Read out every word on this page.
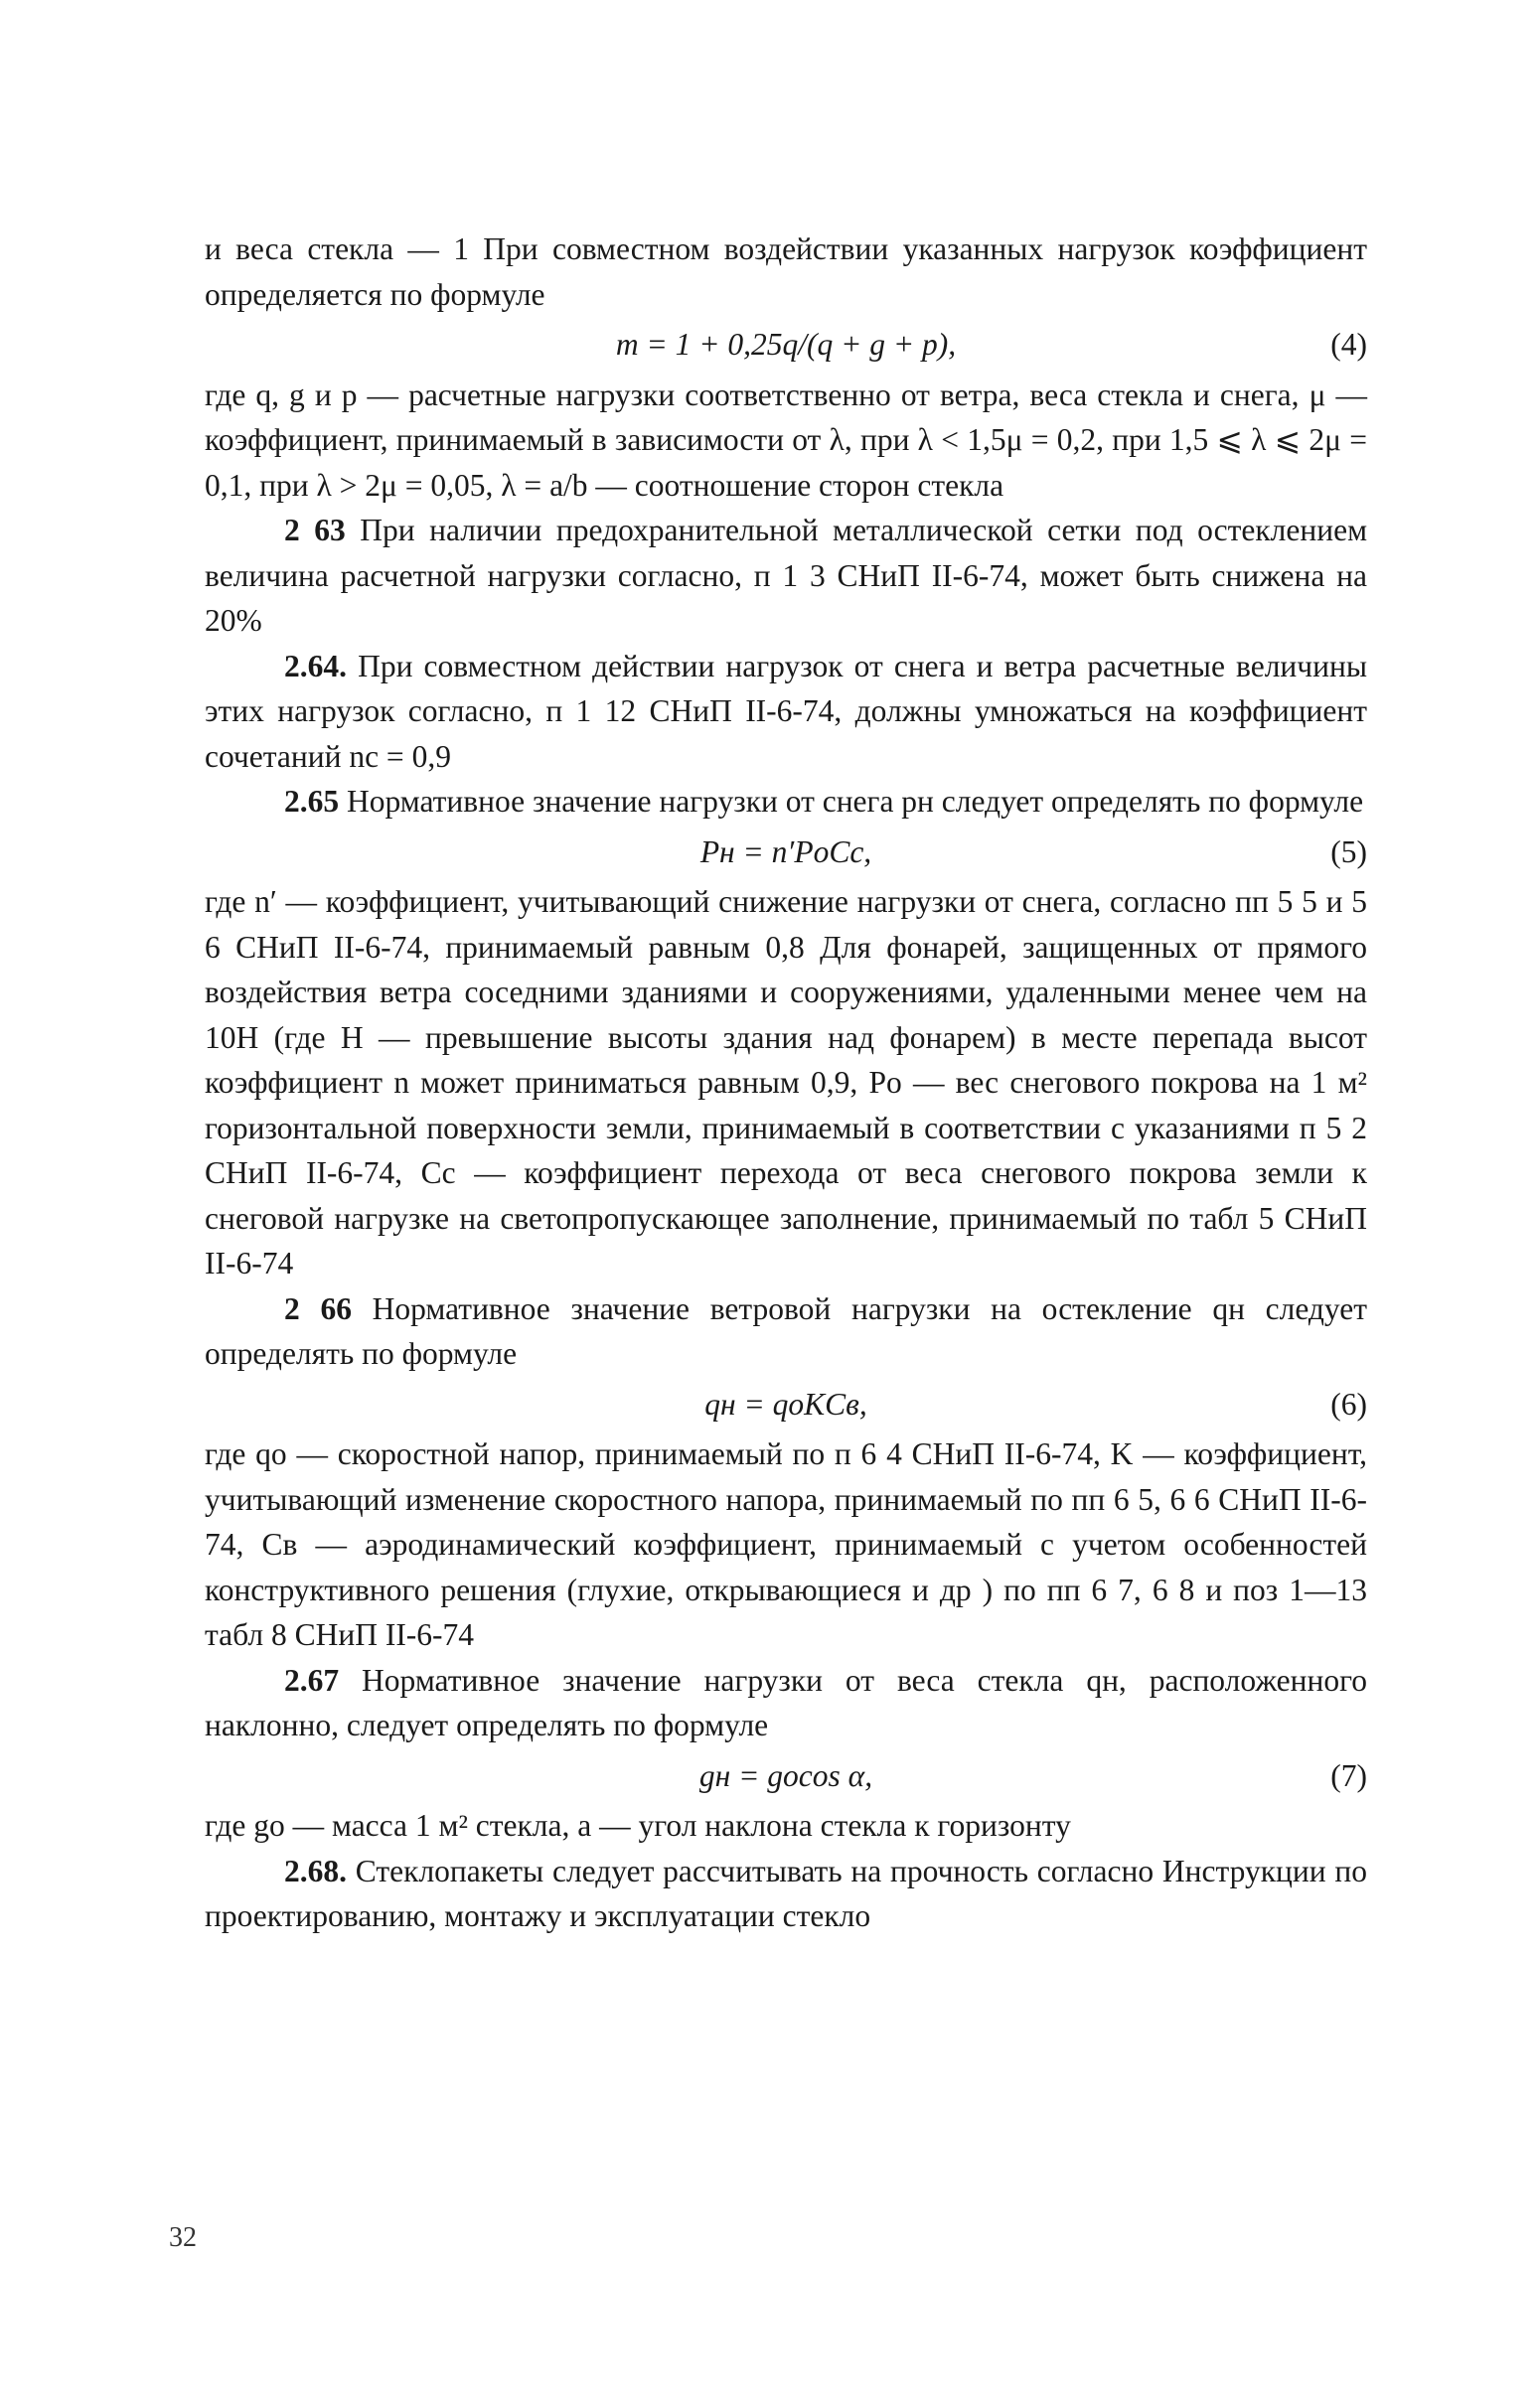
и веса стекла — 1 При совместном воздействии указанных нагрузок коэффициент определяется по формуле

m = 1 + 0,25q/(q + g + p),	(4)

где q, g и p — расчетные нагрузки соответственно от ветра, веса стекла и снега, μ — коэффициент, принимаемый в зависимости от λ, при λ < 1,5μ = 0,2, при 1,5 ⩽ λ ⩽ 2μ = 0,1, при λ > 2μ = 0,05, λ = a/b — соотношение сторон стекла

2 63 При наличии предохранительной металлической сетки под остеклением величина расчетной нагрузки согласно, п 1 3 СНиП II-6-74, может быть снижена на 20%

2.64. При совместном действии нагрузок от снега и ветра расчетные величины этих нагрузок согласно, п 1 12 СНиП II-6-74, должны умножаться на коэффициент сочетаний nс = 0,9

2.65 Нормативное значение нагрузки от снега pн следует определять по формуле

Pн = n′PоCс,	(5)

где n′ — коэффициент, учитывающий снижение нагрузки от снега, согласно пп 5 5 и 5 6 СНиП II-6-74, принимаемый равным 0,8 Для фонарей, защищенных от прямого воздействия ветра соседними зданиями и сооружениями, удаленными менее чем на 10H (где H — превышение высоты здания над фонарем) в месте перепада высот коэффициент n может приниматься равным 0,9, Pо — вес снегового покрова на 1 м² горизонтальной поверхности земли, принимаемый в соответствии с указаниями п 5 2 СНиП II-6-74, Cс — коэффициент перехода от веса снегового покрова земли к снеговой нагрузке на светопропускающее заполнение, принимаемый по табл 5 СНиП II-6-74

2 66 Нормативное значение ветровой нагрузки на остекление qн следует определять по формуле

qн = qоKCв,	(6)

где qо — скоростной напор, принимаемый по п 6 4 СНиП II-6-74, K — коэффициент, учитывающий изменение скоростного напора, принимаемый по пп 6 5, 6 6 СНиП II-6-74, Cв — аэродинамический коэффициент, принимаемый с учетом особенностей конструктивного решения (глухие, открывающиеся и др ) по пп 6 7, 6 8 и поз 1—13 табл 8 СНиП II-6-74

2.67 Нормативное значение нагрузки от веса стекла qн, расположенного наклонно, следует определять по формуле

gн = gоcos α,	(7)

где gо — масса 1 м² стекла, a — угол наклона стекла к горизонту

2.68. Стеклопакеты следует рассчитывать на прочность согласно Инструкции по проектированию, монтажу и эксплуатации стекло

32
